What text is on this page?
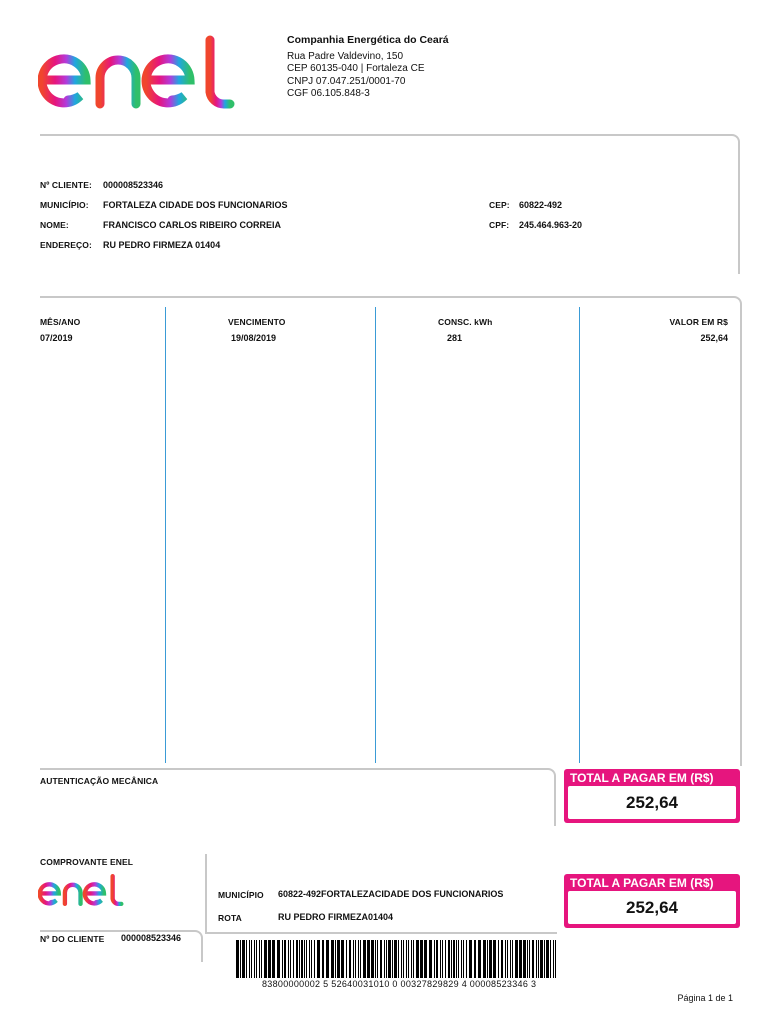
Companhia Energética do Ceará
Rua Padre Valdevino, 150
CEP 60135-040 | Fortaleza CE
CNPJ 07.047.251/0001-70
CGF 06.105.848-3
Nº CLIENTE: 000008523346
MUNICÍPIO: FORTALEZA CIDADE DOS FUNCIONARIOS
NOME:	FRANCISCO CARLOS RIBEIRO CORREIA
ENDEREÇO: RU PEDRO FIRMEZA 01404
CEP: 60822-492
CPF: 245.464.963-20
MÊS/ANO	VENCIMENTO	CONSC. kWh	VALOR EM R$
07/2019	19/08/2019	281	252,64
AUTENTICAÇÃO MECÂNICA	TOTAL A PAGAR EM (R$)
252,64
COMPROVANTE ENEL
Nº DO CLIENTE 000008523346
MUNICÍPIO 60822-492FORTALEZACIDADE DOS FUNCIONARIOS
ROTA	RU PEDRO FIRMEZA01404
TOTAL A PAGAR EM (R$)
252,64
83800000002 5 52640031010 0 00327829829 4 00008523346 3
Página 1 de 1
